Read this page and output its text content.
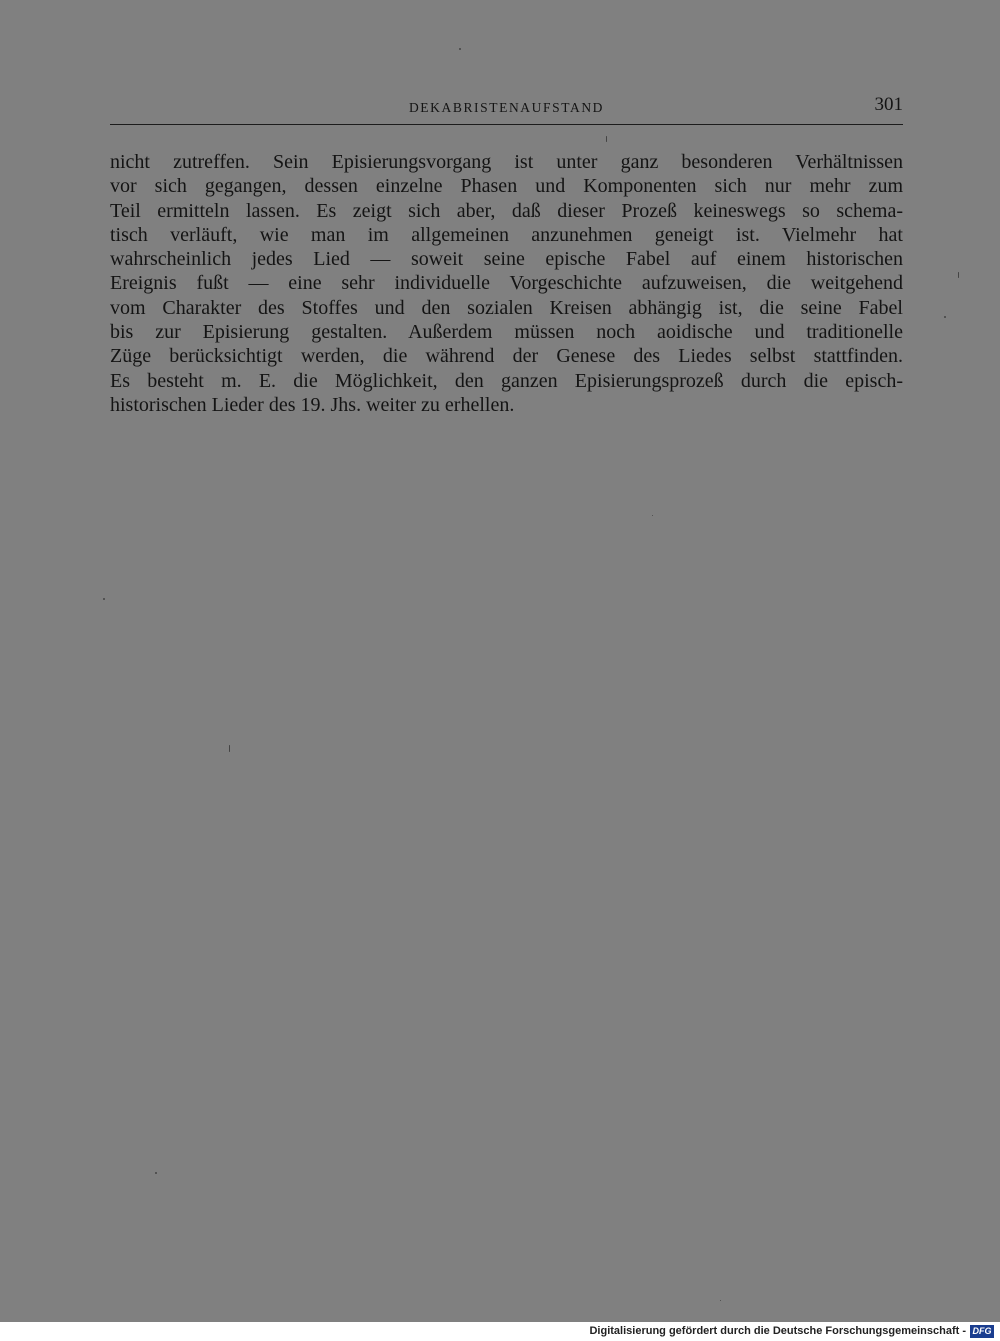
DEKABRISTENAUFSTAND	301
nicht zutreffen. Sein Episierungsvorgang ist unter ganz besonderen Verhältnissen
vor sich gegangen, dessen einzelne Phasen und Komponenten sich nur mehr zum
Teil ermitteln lassen. Es zeigt sich aber, daß dieser Prozeß keineswegs so schema-
tisch verläuft, wie man im allgemeinen anzunehmen geneigt ist. Vielmehr hat
wahrscheinlich jedes Lied — soweit seine epische Fabel auf einem historischen
Ereignis fußt — eine sehr individuelle Vorgeschichte aufzuweisen, die weitgehend
vom Charakter des Stoffes und den sozialen Kreisen abhängig ist, die seine Fabel
bis zur Episierung gestalten. Außerdem müssen noch aoidische und traditionelle
Züge berücksichtigt werden, die während der Genese des Liedes selbst stattfinden.
Es besteht m. E. die Möglichkeit, den ganzen Episierungsprozeß durch die episch-
historischen Lieder des 19. Jhs. weiter zu erhellen.
Digitalisierung gefördert durch die Deutsche Forschungsgemeinschaft - DFG
